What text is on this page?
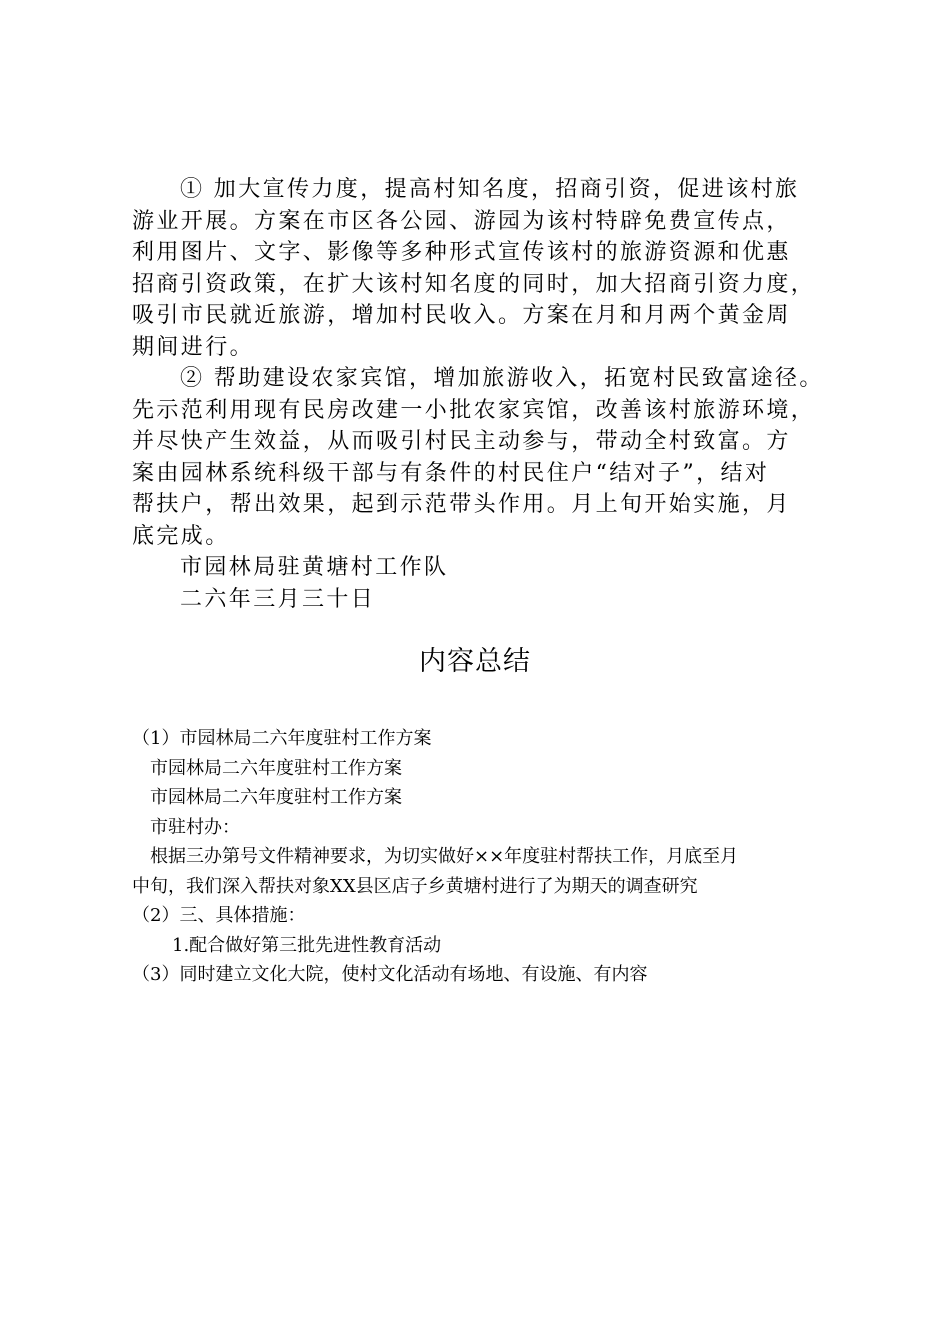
① 加大宣传力度，提高村知名度，招商引资，促进该村旅
游业开展。方案在市区各公园、游园为该村特辟免费宣传点，
利用图片、文字、影像等多种形式宣传该村的旅游资源和优惠
招商引资政策，在扩大该村知名度的同时，加大招商引资力度，
吸引市民就近旅游，增加村民收入。方案在月和月两个黄金周
期间进行。
② 帮助建设农家宾馆，增加旅游收入，拓宽村民致富途径。
先示范利用现有民房改建一小批农家宾馆，改善该村旅游环境，
并尽快产生效益，从而吸引村民主动参与，带动全村致富。方
案由园林系统科级干部与有条件的村民住户“结对子”，结对
帮扶户，帮出效果，起到示范带头作用。月上旬开始实施，月
底完成。
市园林局驻黄塘村工作队
二六年三月三十日
内容总结
（1）市园林局二六年度驻村工作方案
市园林局二六年度驻村工作方案
市园林局二六年度驻村工作方案
市驻村办：
根据三办第号文件精神要求，为切实做好××年度驻村帮扶工作，月底至月
中旬，我们深入帮扶对象XX县区店子乡黄塘村进行了为期天的调查研究
（2）三、具体措施：
1.配合做好第三批先进性教育活动
（3）同时建立文化大院，使村文化活动有场地、有设施、有内容
